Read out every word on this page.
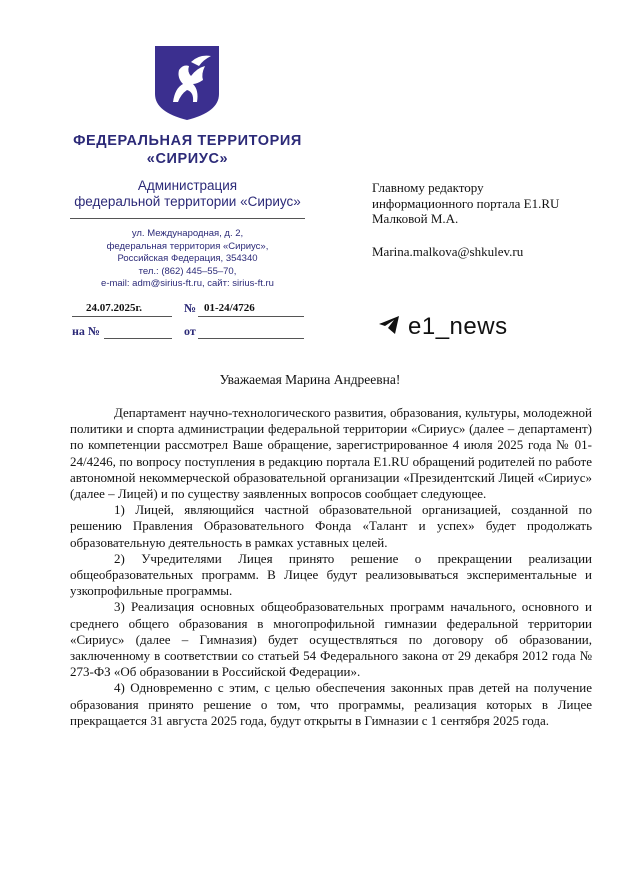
ФЕДЕРАЛЬНАЯ ТЕРРИТОРИЯ
«СИРИУС»
Администрация
федеральной территории «Сириус»
ул. Международная, д. 2,
федеральная территория «Сириус»,
Российская Федерация, 354340
тел.: (862) 445–55–70,
e-mail: adm@sirius-ft.ru, сайт: sirius-ft.ru
24.07.2025г.	№ 01-24/4726
на №	от
Главному редактору
информационного портала E1.RU
Малковой М.А.
Marina.malkova@shkulev.ru
e1_news
Уважаемая Марина Андреевна!

Департамент научно-технологического развития, образования, культуры, молодежной политики и спорта администрации федеральной территории «Сириус» (далее – департамент) по компетенции рассмотрел Ваше обращение, зарегистрированное 4 июля 2025 года № 01-24/4246, по вопросу поступления в редакцию портала E1.RU обращений родителей по работе автономной некоммерческой образовательной организации «Президентский Лицей «Сириус» (далее – Лицей) и по существу заявленных вопросов сообщает следующее.

1) Лицей, являющийся частной образовательной организацией, созданной по решению Правления Образовательного Фонда «Талант и успех» будет продолжать образовательную деятельность в рамках уставных целей.

2) Учредителями Лицея принято решение о прекращении реализации общеобразовательных программ. В Лицее будут реализовываться экспериментальные и узкопрофильные программы.

3) Реализация основных общеобразовательных программ начального, основного и среднего общего образования в многопрофильной гимназии федеральной территории «Сириус» (далее – Гимназия) будет осуществляться по договору об образовании, заключенному в соответствии со статьей 54 Федерального закона от 29 декабря 2012 года № 273-ФЗ «Об образовании в Российской Федерации».

4) Одновременно с этим, с целью обеспечения законных прав детей на получение образования принято решение о том, что программы, реализация которых в Лицее прекращается 31 августа 2025 года, будут открыты в Гимназии с 1 сентября 2025 года.
